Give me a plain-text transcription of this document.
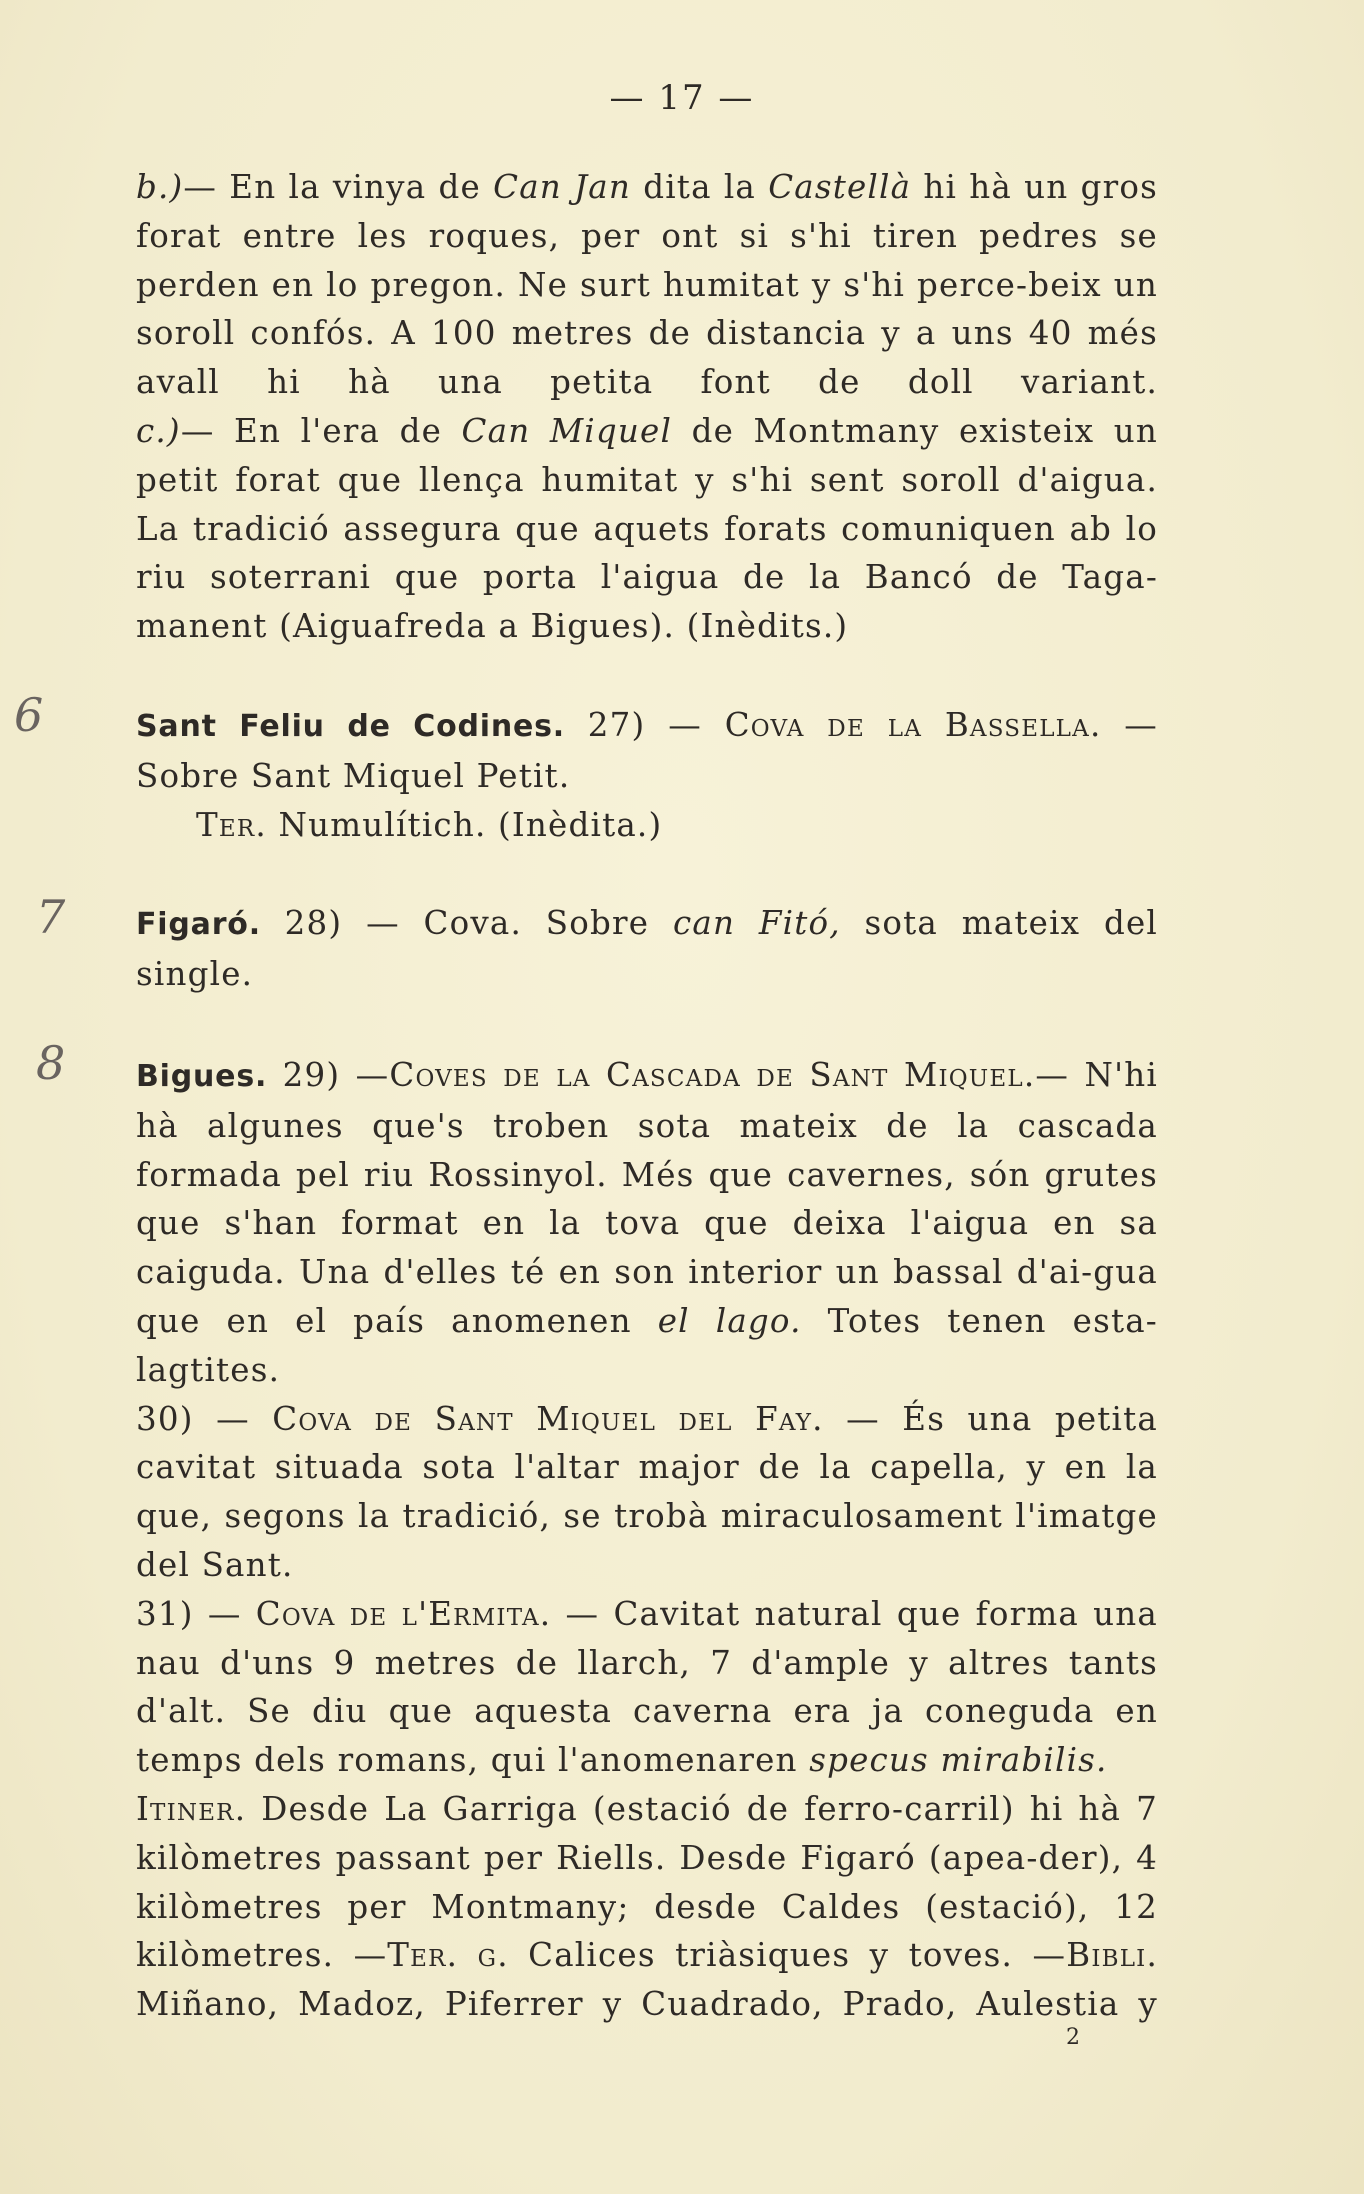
— 17 —
6
7
8

b.)— En la vinya de Can Jan dita la Castellà hi hà un gros forat entre les roques, per ont si s'hi tiren pedres se perden en lo pregon. Ne surt humitat y s'hi perce-beix un soroll confós. A 100 metres de distancia y a uns 40 més avall hi hà una petita font de doll variant.

c.)— En l'era de Can Miquel de Montmany existeix un petit forat que llença humitat y s'hi sent soroll d'aigua.

La tradició assegura que aquets forats comuniquen ab lo riu soterrani que porta l'aigua de la Bancó de Taga-manent (Aiguafreda a Bigues). (Inèdits.)

Sant Feliu de Codines. 27) — Cova de la Bassella. — Sobre Sant Miquel Petit.
Ter. Numulítich. (Inèdita.)

Figaró. 28) — Cova. Sobre can Fitó, sota mateix del single.

Bigues. 29) —Coves de la Cascada de Sant Miquel.— N'hi hà algunes que's troben sota mateix de la cascada formada pel riu Rossinyol. Més que cavernes, són grutes que s'han format en la tova que deixa l'aigua en sa caiguda. Una d'elles té en son interior un bassal d'ai-gua que en el país anomenen el lago. Totes tenen esta-lagtites.

30) — Cova de Sant Miquel del Fay. — És una petita cavitat situada sota l'altar major de la capella, y en la que, segons la tradició, se trobà miraculosament l'imatge del Sant.

31) — Cova de l'Ermita. — Cavitat natural que forma una nau d'uns 9 metres de llarch, 7 d'ample y altres tants d'alt. Se diu que aquesta caverna era ja coneguda en temps dels romans, qui l'anomenaren specus mirabilis.

Itiner. Desde La Garriga (estació de ferro-carril) hi hà 7 kilòmetres passant per Riells. Desde Figaró (apea-der), 4 kilòmetres per Montmany; desde Caldes (estació), 12 kilòmetres. —Ter. g. Calices triàsiques y toves. —Bibli. Miñano, Madoz, Piferrer y Cuadrado, Prado, Aulestia y

2
